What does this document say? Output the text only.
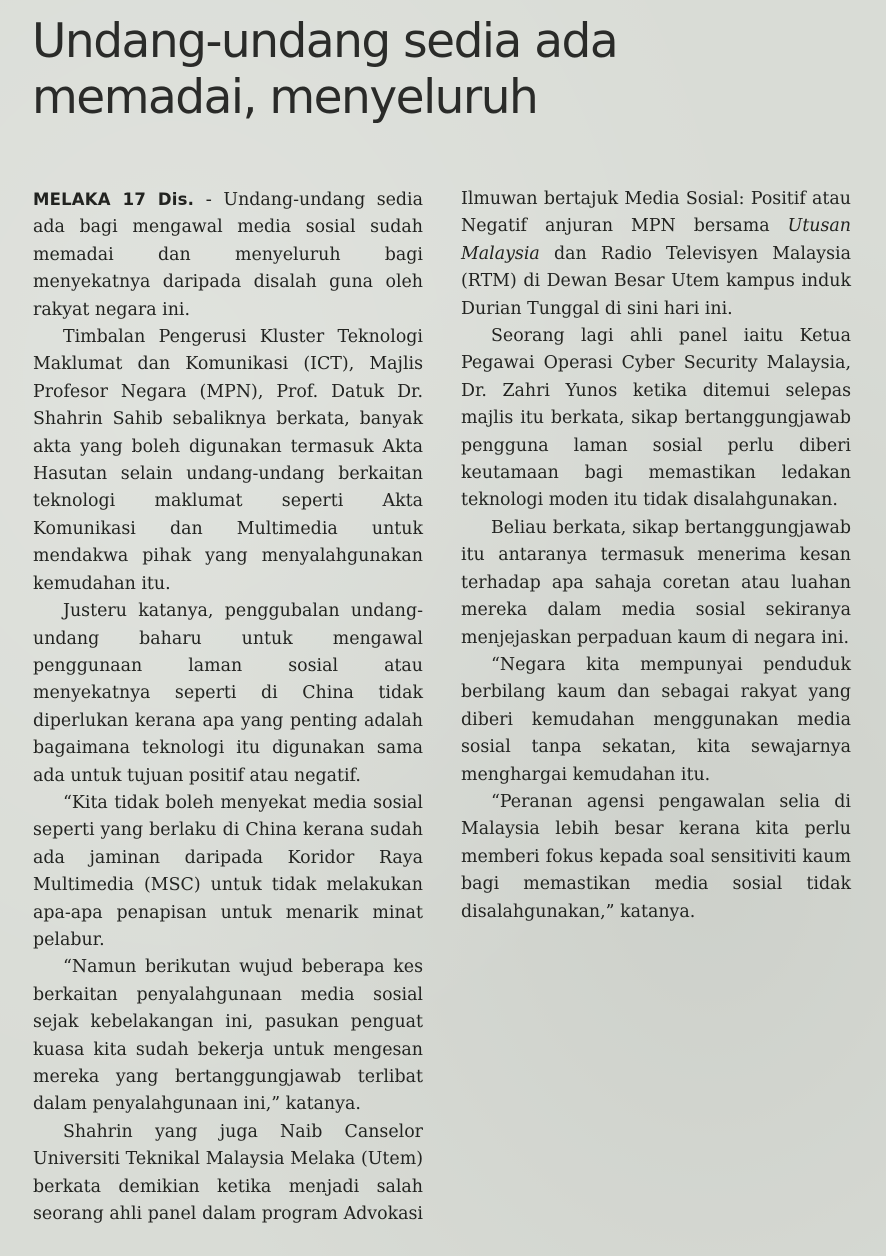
Undang-undang sedia ada memadai, menyeluruh

MELAKA 17 Dis. - Undang-undang sedia ada bagi mengawal media sosial sudah memadai dan menyeluruh bagi menyekatnya daripada disalah guna oleh rakyat negara ini.

Timbalan Pengerusi Kluster Teknologi Maklumat dan Komunikasi (ICT), Majlis Profesor Negara (MPN), Prof. Datuk Dr. Shahrin Sahib sebaliknya berkata, banyak akta yang boleh digunakan termasuk Akta Hasutan selain undang-undang berkaitan teknologi maklumat seperti Akta Komunikasi dan Multimedia untuk mendakwa pihak yang menyalahgunakan kemudahan itu.

Justeru katanya, penggubalan undang-undang baharu untuk mengawal penggunaan laman sosial atau menyekatnya seperti di China tidak diperlukan kerana apa yang penting adalah bagaimana teknologi itu digunakan sama ada untuk tujuan positif atau negatif.

“Kita tidak boleh menyekat media sosial seperti yang berlaku di China kerana sudah ada jaminan daripada Koridor Raya Multimedia (MSC) untuk tidak melakukan apa-apa penapisan untuk menarik minat pelabur.

“Namun berikutan wujud beberapa kes berkaitan penyalahgunaan media sosial sejak kebelakangan ini, pasukan penguat kuasa kita sudah bekerja untuk mengesan mereka yang bertanggungjawab terlibat dalam penyalahgunaan ini,” katanya.

Shahrin yang juga Naib Canselor Universiti Teknikal Malaysia Melaka (Utem) berkata demikian ketika menjadi salah seorang ahli panel dalam program Advokasi Ilmuwan bertajuk Media Sosial: Positif atau Negatif anjuran MPN bersama Utusan Malaysia dan Radio Televisyen Malaysia (RTM) di Dewan Besar Utem kampus induk Durian Tunggal di sini hari ini.

Seorang lagi ahli panel iaitu Ketua Pegawai Operasi Cyber Security Malaysia, Dr. Zahri Yunos ketika ditemui selepas majlis itu berkata, sikap bertanggungjawab pengguna laman sosial perlu diberi keutamaan bagi memastikan ledakan teknologi moden itu tidak disalahgunakan.

Beliau berkata, sikap bertanggungjawab itu antaranya termasuk menerima kesan terhadap apa sahaja coretan atau luahan mereka dalam media sosial sekiranya menjejaskan perpaduan kaum di negara ini.

“Negara kita mempunyai penduduk berbilang kaum dan sebagai rakyat yang diberi kemudahan menggunakan media sosial tanpa sekatan, kita sewajarnya menghargai kemudahan itu.

“Peranan agensi pengawalan selia di Malaysia lebih besar kerana kita perlu memberi fokus kepada soal sensitiviti kaum bagi memastikan media sosial tidak disalahgunakan,” katanya.
